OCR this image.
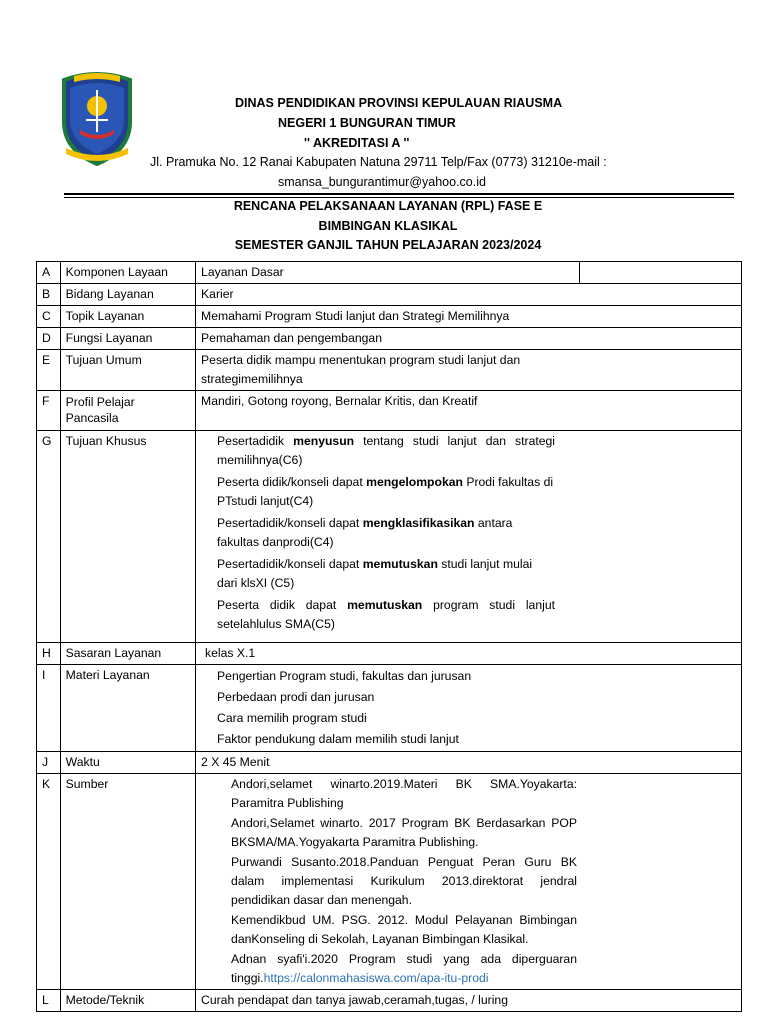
DINAS PENDIDIKAN PROVINSI KEPULAUAN RIAUSMA
NEGERI 1 BUNGURAN TIMUR
'' AKREDITASI A ''
Jl. Pramuka No. 12 Ranai Kabupaten Natuna 29711 Telp/Fax (0773) 31210e-mail :
smansa_bungurantimur@yahoo.co.id
RENCANA PELAKSANAAN LAYANAN (RPL) FASE E
BIMBINGAN KLASIKAL
SEMESTER GANJIL TAHUN PELAJARAN 2023/2024
A	Komponen Layaan	Layanan Dasar	
B	Bidang Layanan	Karier	
C	Topik Layanan	Memahami Program Studi lanjut dan Strategi Memilihnya	
D	Fungsi Layanan	Pemahaman dan pengembangan	
E	Tujuan Umum	Peserta didik mampu menentukan program studi lanjut dan strategimemilihnya	
F	Profil Pelajar Pancasila	Mandiri, Gotong royong, Bernalar Kritis, dan Kreatif	
G	Tujuan Khusus	Pesertadidik menyusun tentang studi lanjut dan strategi memilihnya(C6)
Peserta didik/konseli dapat mengelompokan Prodi fakultas di PTstudi lanjut(C4)
Pesertadidik/konseli dapat mengklasifikasikan antara fakultas danprodi(C4)
Pesertadidik/konseli dapat memutuskan studi lanjut mulai dari klsXI (C5)
Peserta didik dapat memutuskan program studi lanjut setelahlulus SMA(C5)	

H	Sasaran Layanan	kelas X.1	
I	Materi Layanan	Pengertian Program studi, fakultas dan jurusan
Perbedaan prodi dan jurusan
Cara memilih program studi
Faktor pendukung dalam memilih studi lanjut	

J	Waktu	2 X 45 Menit	
K	Sumber	Andori,selamet winarto.2019.Materi BK SMA.Yoyakarta: Paramitra Publishing
Andori,Selamet winarto. 2017 Program BK Berdasarkan POP BKSMA/MA.Yogyakarta Paramitra Publishing.
Purwandi Susanto.2018.Panduan Penguat Peran Guru BK dalam implementasi Kurikulum 2013.direktorat jendral pendidikan dasar dan menengah.
Kemendikbud UM. PSG. 2012. Modul Pelayanan Bimbingan danKonseling di Sekolah, Layanan Bimbingan Klasikal.
Adnan syafi'i.2020 Program studi yang ada diperguaran tinggi.https://calonmahasiswa.com/apa-itu-prodi	

L	Metode/Teknik	Curah pendapat dan tanya jawab,ceramah,tugas, / luring	
